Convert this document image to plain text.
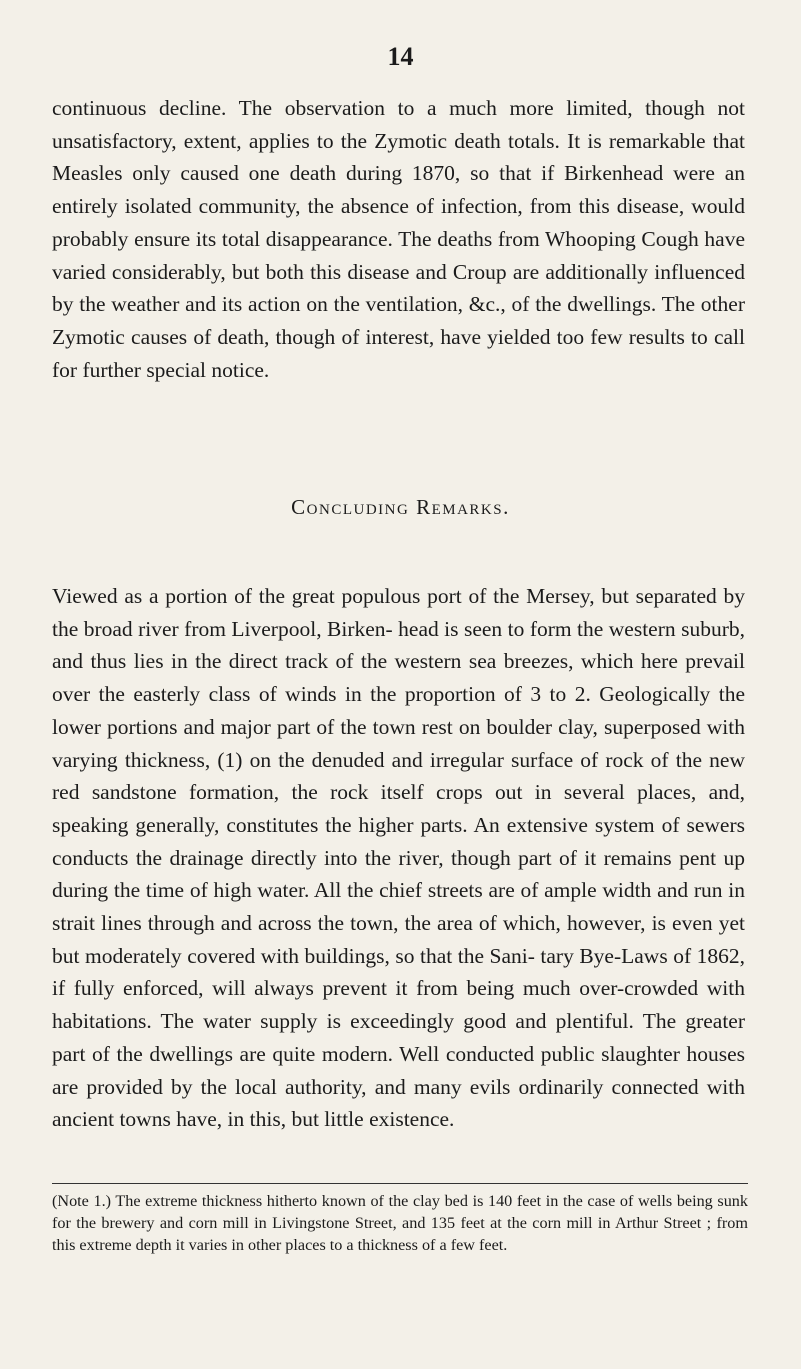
14
continuous decline. The observation to a much more limited, though not unsatisfactory, extent, applies to the Zymotic death totals. It is remarkable that Measles only caused one death during 1870, so that if Birkenhead were an entirely isolated community, the absence of infection, from this disease, would probably ensure its total disappearance. The deaths from Whooping Cough have varied considerably, but both this disease and Croup are additionally influenced by the weather and its action on the ventilation, &c., of the dwellings. The other Zymotic causes of death, though of interest, have yielded too few results to call for further special notice.
Concluding Remarks.
Viewed as a portion of the great populous port of the Mersey, but separated by the broad river from Liverpool, Birken- head is seen to form the western suburb, and thus lies in the direct track of the western sea breezes, which here prevail over the easterly class of winds in the proportion of 3 to 2. Geologically the lower portions and major part of the town rest on boulder clay, superposed with varying thickness, (1) on the denuded and irregular surface of rock of the new red sandstone formation, the rock itself crops out in several places, and, speaking generally, constitutes the higher parts. An extensive system of sewers conducts the drainage directly into the river, though part of it remains pent up during the time of high water. All the chief streets are of ample width and run in strait lines through and across the town, the area of which, however, is even yet but moderately covered with buildings, so that the Sani- tary Bye-Laws of 1862, if fully enforced, will always prevent it from being much over-crowded with habitations. The water supply is exceedingly good and plentiful. The greater part of the dwellings are quite modern. Well conducted public slaughter houses are provided by the local authority, and many evils ordinarily connected with ancient towns have, in this, but little existence.
(Note 1.) The extreme thickness hitherto known of the clay bed is 140 feet in the case of wells being sunk for the brewery and corn mill in Livingstone Street, and 135 feet at the corn mill in Arthur Street ; from this extreme depth it varies in other places to a thickness of a few feet.
